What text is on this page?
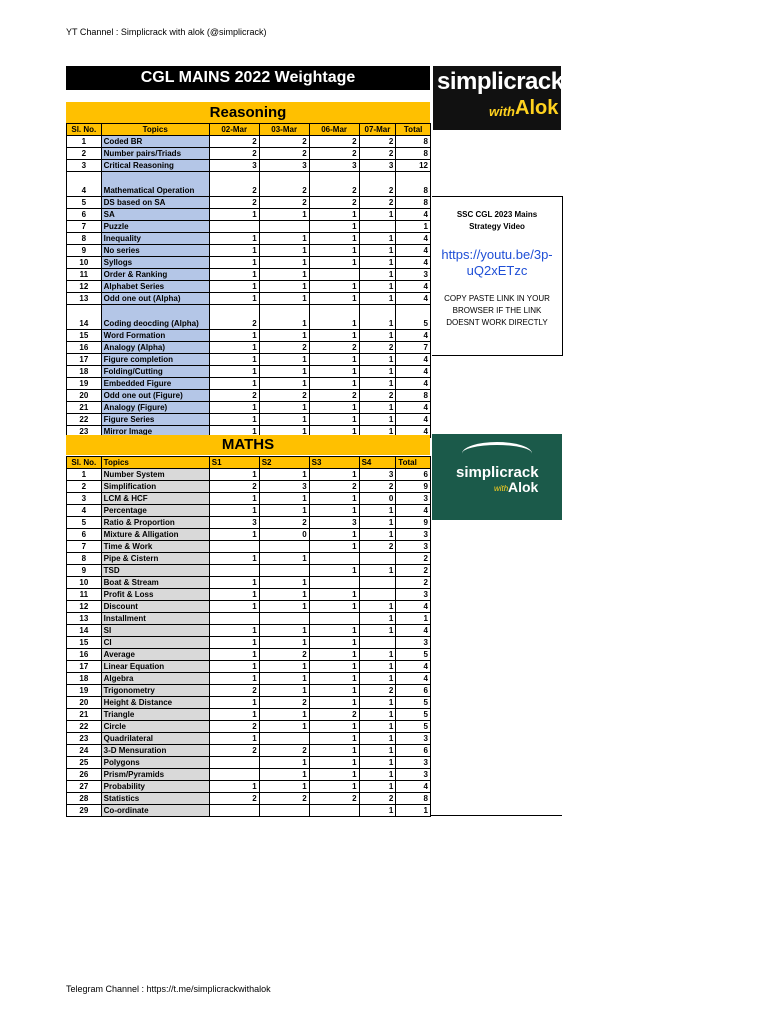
YT Channel : Simplicrack with alok (@simplicrack)
CGL MAINS 2022 Weightage	simplicrack
with Alok
Reasoning
Sl. No.	Topics	02-Mar	03-Mar	06-Mar	07-Mar	Total
1	Coded BR	2	2	2	2	8
2	Number pairs/Triads	2	2	2	2	8
3	Critical Reasoning	3	3	3	3	12
4	Mathematical Operation	2	2	2	2	8
5	DS based on SA	2	2	2	2	8
6	SA	1	1	1	1	4
7	Puzzle			1		1
8	Inequality	1	1	1	1	4
9	No series	1	1	1	1	4
10	Syllogs	1	1	1	1	4
11	Order & Ranking	1	1		1	3
12	Alphabet Series	1	1	1	1	4
13	Odd one out (Alpha)	1	1	1	1	4
14	Coding deocding (Alpha)	2	1	1	1	5
15	Word Formation	1	1	1	1	4
16	Analogy (Alpha)	1	2	2	2	7
17	Figure completion	1	1	1	1	4
18	Folding/Cutting	1	1	1	1	4
19	Embedded Figure	1	1	1	1	4
20	Odd one out (Figure)	2	2	2	2	8
21	Analogy (Figure)	1	1	1	1	4
22	Figure Series	1	1	1	1	4
23	Mirror Image	1	1	1	1	4
SSC CGL 2023 Mains Strategy Video
https://youtu.be/3p-uQ2xETzc
COPY PASTE LINK IN YOUR BROWSER IF THE LINK DOESNT WORK DIRECTLY
MATHS
simplicrack
with Alok
Sl. No.	Topics	S1	S2	S3	S4	Total
1	Number System	1	1	1	3	6
2	Simplification	2	3	2	2	9
3	LCM & HCF	1	1	1	0	3
4	Percentage	1	1	1	1	4
5	Ratio & Proportion	3	2	3	1	9
6	Mixture & Alligation	1	0	1	1	3
7	Time & Work			1	2	3
8	Pipe & Cistern	1	1			2
9	TSD			1	1	2
10	Boat & Stream	1	1			2
11	Profit & Loss	1	1	1		3
12	Discount	1	1	1	1	4
13	Installment				1	1
14	SI	1	1	1	1	4
15	CI	1	1	1		3
16	Average	1	2	1	1	5
17	Linear Equation	1	1	1	1	4
18	Algebra	1	1	1	1	4
19	Trigonometry	2	1	1	2	6
20	Height & Distance	1	2	1	1	5
21	Triangle	1	1	2	1	5
22	Circle	2	1	1	1	5
23	Quadrilateral	1		1	1	3
24	3-D Mensuration	2	2	1	1	6
25	Polygons		1	1	1	3
26	Prism/Pyramids		1	1	1	3
27	Probability	1	1	1	1	4
28	Statistics	2	2	2	2	8
29	Co-ordinate				1	1
Telegram Channel : https://t.me/simplicrackwithalok
